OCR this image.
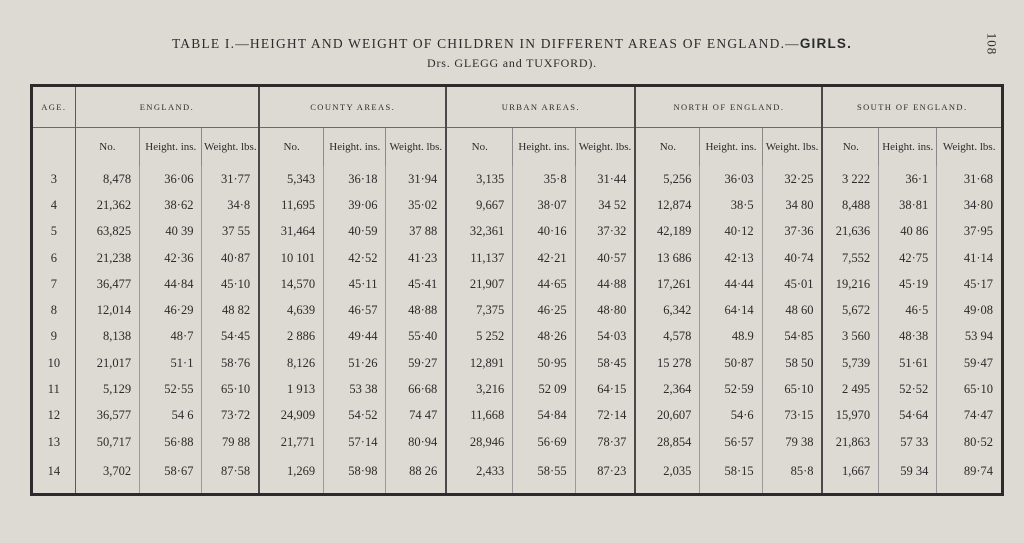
108
TABLE I.—HEIGHT AND WEIGHT OF CHILDREN IN DIFFERENT AREAS OF ENGLAND.—GIRLS.
Drs. GLEGG and TUXFORD).
AGE.	ENGLAND.			COUNTY AREAS.			URBAN AREAS.			NORTH OF ENGLAND.			SOUTH OF ENGLAND.		
	No.	Height. ins.	Weight. lbs.	No.	Height. ins.	Weight. lbs.	No.	Height. ins.	Weight. lbs.	No.	Height. ins.	Weight. lbs.	No.	Height. ins.	Weight. lbs.
3	8,478	36·06	31·77	5,343	36·18	31·94	3,135	35·8	31·44	5,256	36·03	32·25	3 222	36·1	31·68
4	21,362	38·62	34·8	11,695	39·06	35·02	9,667	38·07	34 52	12,874	38·5	34 80	8,488	38·81	34·80
5	63,825	40 39	37 55	31,464	40·59	37 88	32,361	40·16	37·32	42,189	40·12	37·36	21,636	40 86	37·95
6	21,238	42·36	40·87	10 101	42·52	41·23	11,137	42·21	40·57	13 686	42·13	40·74	7,552	42·75	41·14
7	36,477	44·84	45·10	14,570	45·11	45·41	21,907	44·65	44·88	17,261	44·44	45·01	19,216	45·19	45·17
8	12,014	46·29	48 82	4,639	46·57	48·88	7,375	46·25	48·80	6,342	64·14	48 60	5,672	46·5	49·08
9	8,138	48·7	54·45	2 886	49·44	55·40	5 252	48·26	54·03	4,578	48.9	54·85	3 560	48·38	53 94
10	21,017	51·1	58·76	8,126	51·26	59·27	12,891	50·95	58·45	15 278	50·87	58 50	5,739	51·61	59·47
11	5,129	52·55	65·10	1 913	53 38	66·68	3,216	52 09	64·15	2,364	52·59	65·10	2 495	52·52	65·10
12	36,577	54 6	73·72	24,909	54·52	74 47	11,668	54·84	72·14	20,607	54·6	73·15	15,970	54·64	74·47
13	50,717	56·88	79 88	21,771	57·14	80·94	28,946	56·69	78·37	28,854	56·57	79 38	21,863	57 33	80·52
14	3,702	58·67	87·58	1,269	58·98	88 26	2,433	58·55	87·23	2,035	58·15	85·8	1,667	59 34	89·74
